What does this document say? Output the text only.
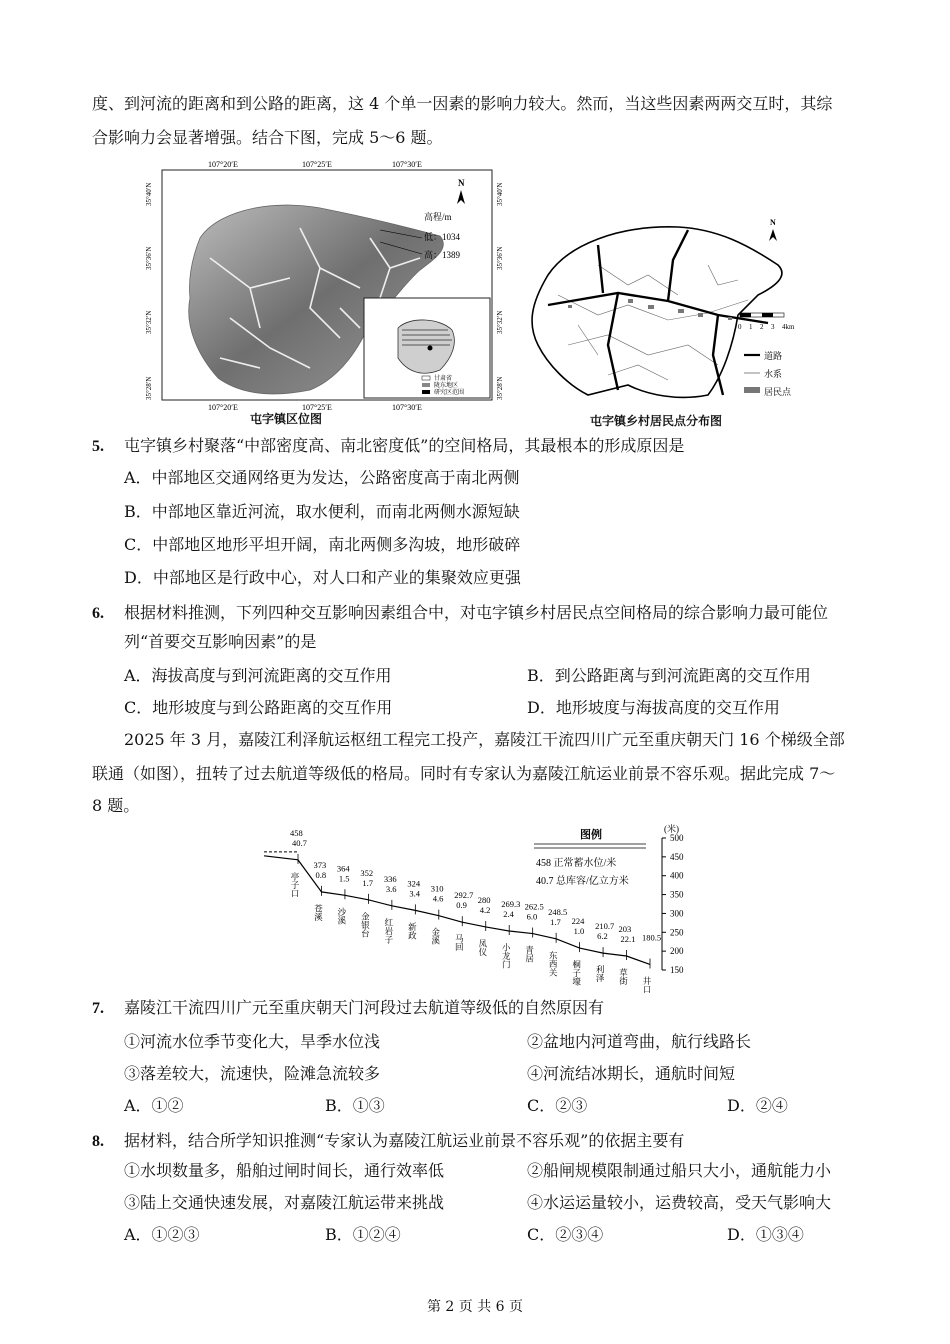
度、到河流的距离和到公路的距离，这 4 个单一因素的影响力较大。然而，当这些因素两两交互时，其综
合影响力会显著增强。结合下图，完成 5～6 题。
甘肃省
陇东地区
研究区范围
N
高程/m
低：1034
高：1389
107°20′E	107°25′E	107°30′E
107°20′E	107°25′E	107°30′E
35°40′N
35°36′N
35°32′N
35°28′N
35°40′N
35°36′N
35°32′N
35°28′N
屯字镇区位图
N
0 1 2 3 4km
道路
水系
居民点
屯字镇乡村居民点分布图
5. 屯字镇乡村聚落“中部密度高、南北密度低”的空间格局，其最根本的形成原因是
A．中部地区交通网络更为发达，公路密度高于南北两侧
B．中部地区靠近河流，取水便利，而南北两侧水源短缺
C．中部地区地形平坦开阔，南北两侧多沟坡，地形破碎
D．中部地区是行政中心，对人口和产业的集聚效应更强
6. 根据材料推测，下列四种交互影响因素组合中，对屯字镇乡村居民点空间格局的综合影响力最可能位
列“首要交互影响因素”的是
A．海拔高度与到河流距离的交互作用	B．到公路距离与到河流距离的交互作用
C．地形坡度与到公路距离的交互作用	D．地形坡度与海拔高度的交互作用
2025 年 3 月，嘉陵江利泽航运枢纽工程完工投产，嘉陵江干流四川广元至重庆朝天门 16 个梯级全部
联通（如图），扭转了过去航道等级低的格局。同时有专家认为嘉陵江航运业前景不容乐观。据此完成 7～
8 题。
图例
458 正常蓄水位/米
40.7 总库容/亿立方米
(米)
150
200
250
300
350
400
450
500
458
40.7
亭子口
373
0.8
苍溪
364
1.5
沙溪
352
1.7
金银台
336
3.6
红岩子
324
3.4
新政
310
4.6
金溪
292.7
0.9
马回
280
4.2
凤仪
269.3
2.4
小龙门
262.5
6.0
青居
248.5
1.7
东西关
224
1.0
桐子壕
210.7
6.2
利泽
203
22.1
草街
180.5
井口
7. 嘉陵江干流四川广元至重庆朝天门河段过去航道等级低的自然原因有
①河流水位季节变化大，旱季水位浅	②盆地内河道弯曲，航行线路长
③落差较大，流速快，险滩急流较多	④河流结冰期长，通航时间短
A．①②	B．①③	C．②③	D．②④
8. 据材料，结合所学知识推测“专家认为嘉陵江航运业前景不容乐观”的依据主要有
①水坝数量多，船舶过闸时间长，通行效率低	②船闸规模限制通过船只大小，通航能力小
③陆上交通快速发展，对嘉陵江航运带来挑战	④水运运量较小，运费较高，受天气影响大
A．①②③	B．①②④	C．②③④	D．①③④
第 2 页 共 6 页
